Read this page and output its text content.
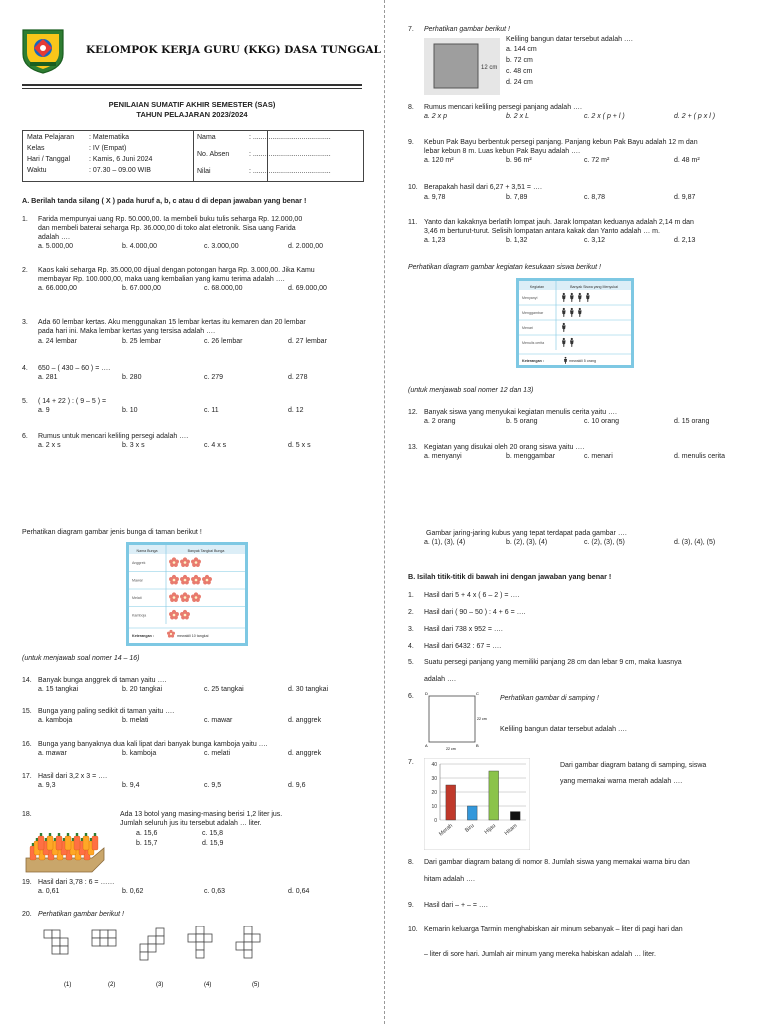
KELOMPOK KERJA GURU (KKG) DASA TUNGGAL
PENILAIAN SUMATIF AKHIR SEMESTER (SAS)
TAHUN PELAJARAN 2023/2024
Mata Pelajaran : Matematika
Kelas	: IV (Empat)
Hari / Tanggal	: Kamis, 6 Juni 2024
Waktu	: 07.30 – 09.00 WIB
Nama	: ........................................
No. Absen	: ........................................
Nilai	: ........................................
A. Berilah tanda silang ( X ) pada huruf a, b, c atau d di depan jawaban yang benar !
1. Farida mempunyai uang Rp. 50.000,00. Ia membeli buku tulis seharga Rp. 12.000,00
dan membeli baterai seharga Rp. 36.000,00 di toko alat eletronik. Sisa uang Farida
adalah ….
a. 5.000,00	b. 4.000,00	c. 3.000,00	d. 2.000,00
2. Kaos kaki seharga Rp. 35.000,00 dijual dengan potongan harga Rp. 3.000,00. Jika Kamu
membayar Rp. 100.000,00, maka uang kembalian yang kamu terima adalah ….
a. 66.000,00	b. 67.000,00	c. 68.000,00	d. 69.000,00
3. Ada 60 lembar kertas. Aku menggunakan 15 lembar kertas itu kemaren dan 20 lembar
pada hari ini. Maka lembar kertas yang tersisa adalah ….
a. 24 lembar	b. 25 lembar	c. 26 lembar	d. 27 lembar
4. 650 – ( 430 – 60 ) = ….
a. 281	b. 280	c. 279	d. 278
5. ( 14 + 22 ) : ( 9 – 5 ) =
a. 9	b. 10	c. 11	d. 12
6. Rumus untuk mencari keliling persegi adalah ….
a. 2 x s	b. 3 x s	c. 4 x s	d. 5 x s
7. Perhatikan gambar berikut !
12 cm
Keliling bangun datar tersebut adalah ….
a. 144 cm
b. 72 cm
c. 48 cm
d. 24 cm
8. Rumus mencari keliling persegi panjang adalah ….
a. 2 x p	b. 2 x L	c. 2 x ( p + l )	d. 2 + ( p x l )
9. Kebun Pak Bayu berbentuk persegi panjang. Panjang kebun Pak Bayu adalah 12 m dan
lebar kebun 8 m. Luas kebun Pak Bayu adalah ….
a. 120 m²	b. 96 m²	c. 72 m²	d. 48 m²
10. Berapakah hasil dari 6,27 + 3,51 = ….
a. 9,78	b. 7,89	c. 8,78	d. 9,87
11. Yanto dan kakaknya berlatih lompat jauh. Jarak lompatan keduanya adalah 2,14 m dan
3,46 m berturut-turut. Selisih lompatan antara kakak dan Yanto adalah … m.
a. 1,23	b. 1,32	c. 3,12	d. 2,13
Perhatikan diagram gambar kegiatan kesukaan siswa berikut !
Kegiatan	Banyak Siswa yang Menyukai
Menyanyi
Menggambar
Menari
Menulis cerita
Keterangan :	mewakili 5 orang
(untuk menjawab soal nomer 12 dan 13)
12. Banyak siswa yang menyukai kegiatan menulis cerita yaitu ….
a. 2 orang	b. 5 orang	c. 10 orang	d. 15 orang
13. Kegiatan yang disukai oleh 20 orang siswa yaitu ….
a. menyanyi	b. menggambar	c. menari	d. menulis cerita
Perhatikan diagram gambar jenis bunga di taman berikut !
Nama Bunga	Banyak Tangkai Bunga
Anggrek
Mawar
Melati
Kamboja
Keterangan :	mewakili 10 tangkai
(untuk menjawab soal nomer 14 – 16)
14. Banyak bunga anggrek di taman yaitu ….
a. 15 tangkai	b. 20 tangkai	c. 25 tangkai	d. 30 tangkai
15. Bunga yang paling sedikit di taman yaitu ….
a. kamboja	b. melati	c. mawar	d. anggrek
16. Bunga yang banyaknya dua kali lipat dari banyak bunga kamboja yaitu ….
a. mawar	b. kamboja	c. melati	d. anggrek
17. Hasil dari 3,2 x 3 = ….
a. 9,3	b. 9,4	c. 9,5	d. 9,6
18.	Ada 13 botol yang masing-masing berisi 1,2 liter jus.
Jumlah seluruh jus itu tersebut adalah … liter.
a. 15,6	c. 15,8
b. 15,7	d. 15,9
19. Hasil dari 3,78 : 6 = ……
a. 0,61	b. 0,62	c. 0,63	d. 0,64
20. Perhatikan gambar berikut !
(1)	(2)	(3)	(4)	(5)
Gambar jaring-jaring kubus yang tepat terdapat pada gambar ….
a. (1), (3), (4)	b. (2), (3), (4)	c. (2), (3), (5)	d. (3), (4), (5)
B. Isilah titik-titik di bawah ini dengan jawaban yang benar !
1. Hasil dari 5 + 4 x ( 6 – 2 ) = ….
2. Hasil dari ( 90 – 50 ) : 4 + 6 = ….
3. Hasil dari 738 x 952 = ….
4. Hasil dari 6432 : 67 = ….
5. Suatu persegi panjang yang memiliki panjang 28 cm dan lebar 9 cm, maka luasnya
adalah ….
6.	D	C
A	B
22 cm
22 cm
Perhatikan gambar di samping !
Keliling bangun datar tersebut adalah ….
7.
0
10
20
30
40
Merah Biru Hijau Hitam
Dari gambar diagram batang di samping, siswa
yang memakai warna merah adalah ….
8. Dari gambar diagram batang di nomor 8. Jumlah siswa yang memakai warna biru dan
hitam adalah ….
9. Hasil dari ‒ + ‒ = ….
10. Kemarin keluarga Tarmin menghabiskan air minum sebanyak ‒ liter di pagi hari dan
‒ liter di sore hari. Jumlah air minum yang mereka habiskan adalah … liter.
